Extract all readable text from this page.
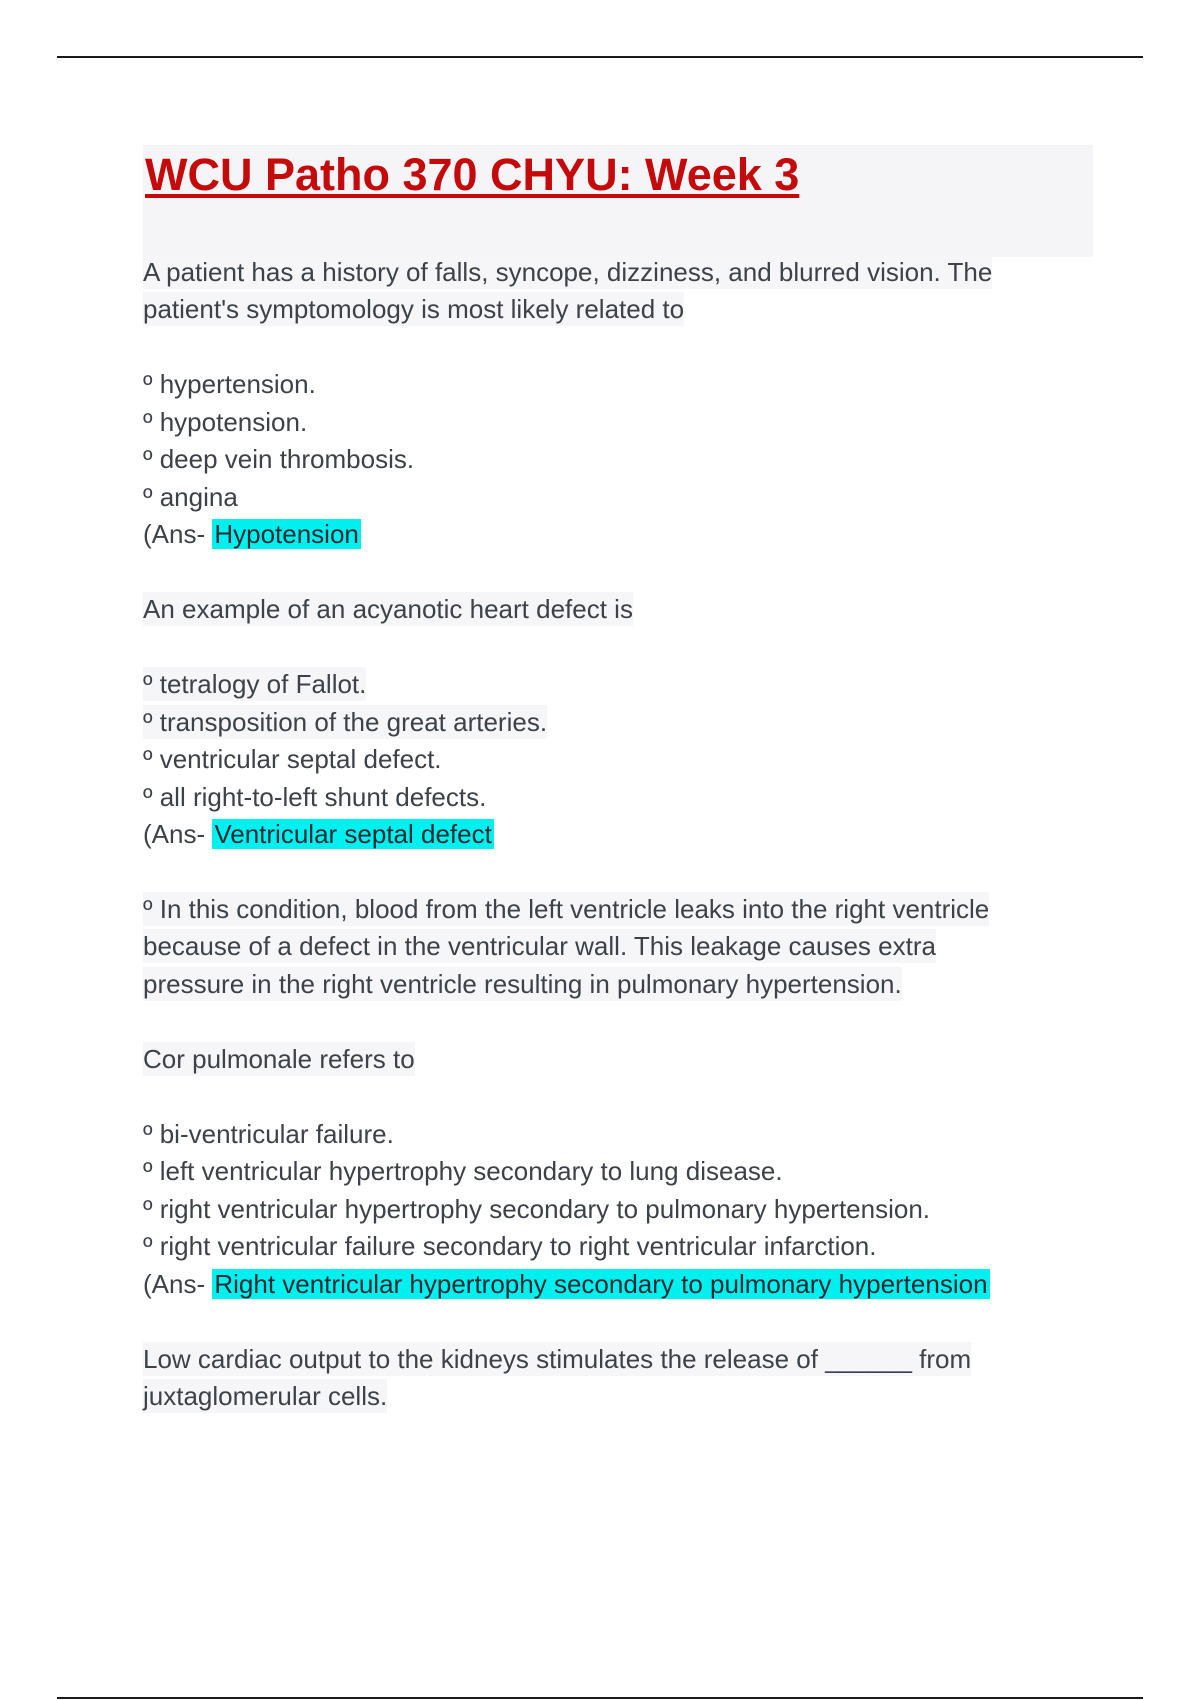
WCU Patho 370 CHYU: Week 3
A patient has a history of falls, syncope, dizziness, and blurred vision. The
patient's symptomology is most likely related to
º hypertension.
º hypotension.
º deep vein thrombosis.
º angina
(Ans- Hypotension
An example of an acyanotic heart defect is
º tetralogy of Fallot.
º transposition of the great arteries.
º ventricular septal defect.
º all right-to-left shunt defects.
(Ans- Ventricular septal defect
º In this condition, blood from the left ventricle leaks into the right ventricle
because of a defect in the ventricular wall. This leakage causes extra
pressure in the right ventricle resulting in pulmonary hypertension.
Cor pulmonale refers to
º bi-ventricular failure.
º left ventricular hypertrophy secondary to lung disease.
º right ventricular hypertrophy secondary to pulmonary hypertension.
º right ventricular failure secondary to right ventricular infarction.
(Ans- Right ventricular hypertrophy secondary to pulmonary hypertension
Low cardiac output to the kidneys stimulates the release of ______ from
juxtaglomerular cells.
